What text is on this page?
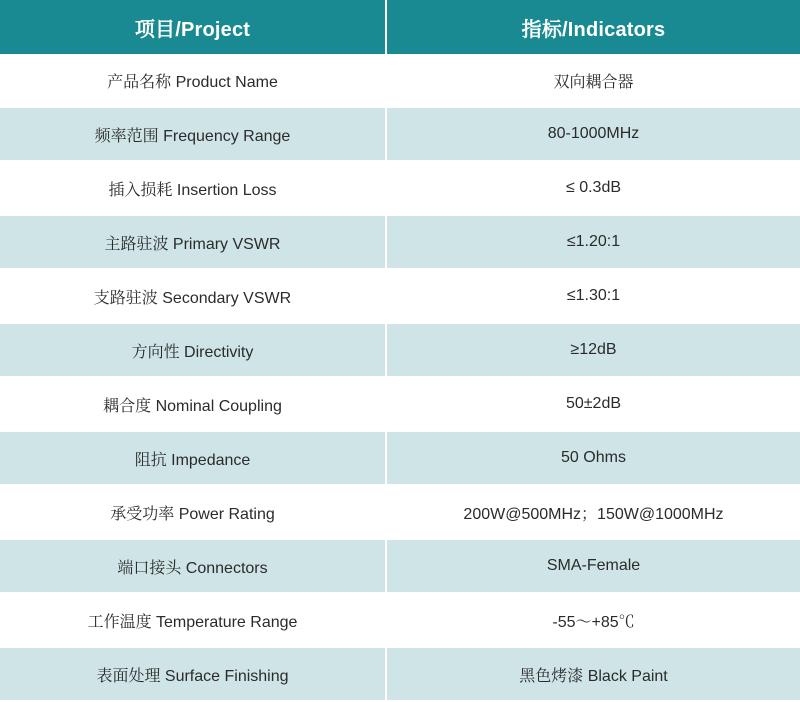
项目/Project	指标/Indicators
产品名称 Product Name	双向耦合器
频率范围 Frequency Range	80-1000MHz
插入损耗 Insertion Loss	≤ 0.3dB
主路驻波 Primary VSWR	≤1.20:1
支路驻波 Secondary VSWR	≤1.30:1
方向性 Directivity	≥12dB
耦合度 Nominal Coupling	50±2dB
阻抗 Impedance	50 Ohms
承受功率 Power Rating	200W@500MHz；150W@1000MHz
端口接头 Connectors	SMA-Female
工作温度 Temperature Range	-55～+85℃
表面处理 Surface Finishing	黑色烤漆 Black Paint
